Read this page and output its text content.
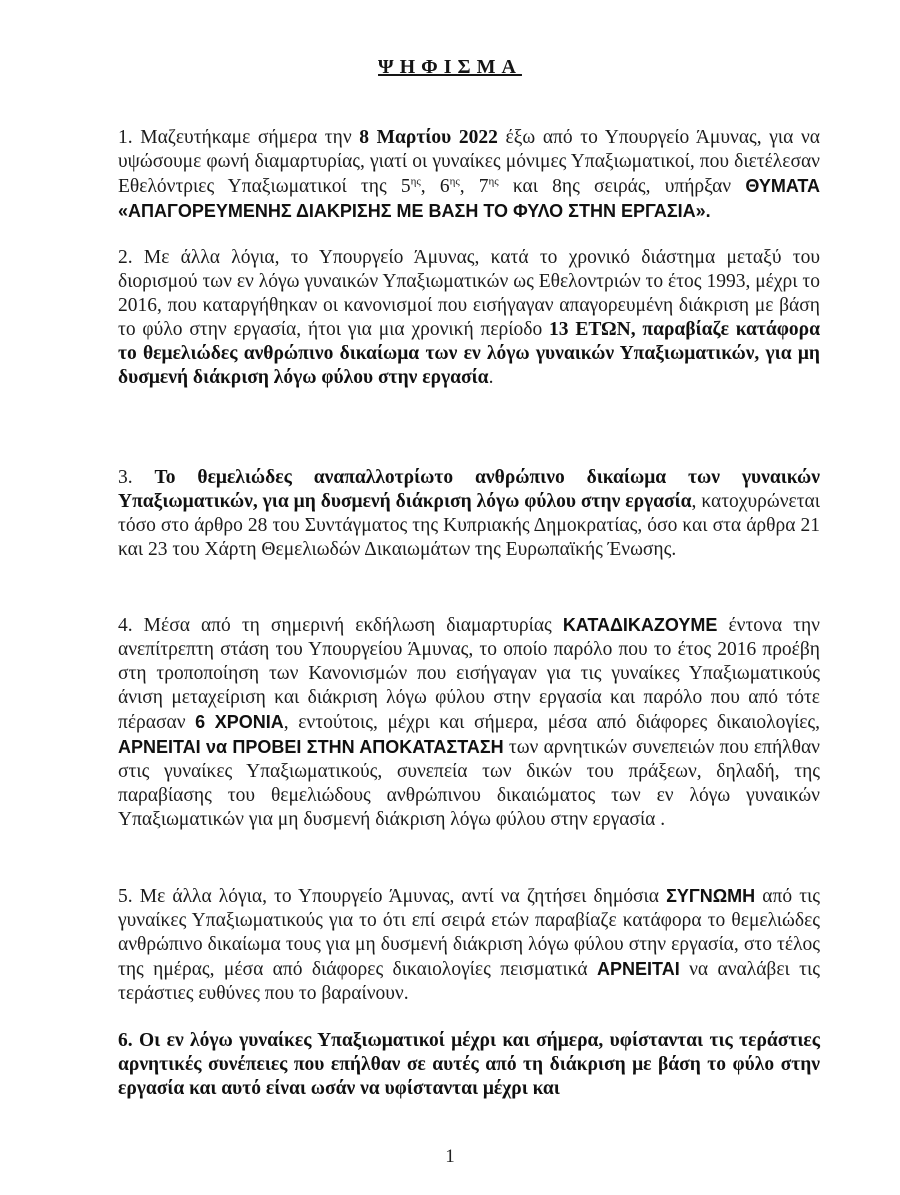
ΨΗΦΙΣΜΑ

1. Μαζευτήκαμε σήμερα την 8 Μαρτίου 2022 έξω από το Υπουργείο Άμυνας, για να υψώσουμε φωνή διαμαρτυρίας, γιατί οι γυναίκες μόνιμες Υπαξιωματικοί, που διετέλεσαν Εθελόντριες Υπαξιωματικοί της $5^{\eta\varsigma}$, $6^{\eta\varsigma}$, $7^{\eta\varsigma}$ και 8ης σειράς, υπήρξαν ΘΥΜΑΤΑ «ΑΠΑΓΟΡΕΥΜΕΝΗΣ ΔΙΑΚΡΙΣΗΣ ΜΕ ΒΑΣΗ ΤΟ ΦΥΛΟ ΣΤΗΝ ΕΡΓΑΣΙΑ».

2. Με άλλα λόγια, το Υπουργείο Άμυνας, κατά το χρονικό διάστημα μεταξύ του διορισμού των εν λόγω γυναικών Υπαξιωματικών ως Εθελοντριών το έτος 1993, μέχρι το 2016, που καταργήθηκαν οι κανονισμοί που εισήγαγαν απαγορευμένη διάκριση με βάση το φύλο στην εργασία, ήτοι για μια χρονική περίοδο 13 ΕΤΩΝ, παραβίαζε κατάφορα το θεμελιώδες ανθρώπινο δικαίωμα των εν λόγω γυναικών Υπαξιωματικών, για μη δυσμενή διάκριση λόγω φύλου στην εργασία.

3. Το θεμελιώδες αναπαλλοτρίωτο ανθρώπινο δικαίωμα των γυναικών Υπαξιωματικών, για μη δυσμενή διάκριση λόγω φύλου στην εργασία, κατοχυρώνεται τόσο στο άρθρο 28 του Συντάγματος της Κυπριακής Δημοκρατίας, όσο και στα άρθρα 21 και 23 του Χάρτη Θεμελιωδών Δικαιωμάτων της Ευρωπαϊκής Ένωσης.

4. Μέσα από τη σημερινή εκδήλωση διαμαρτυρίας ΚΑΤΑΔΙΚΑΖΟΥΜΕ έντονα την ανεπίτρεπτη στάση του Υπουργείου Άμυνας, το οποίο παρόλο που το έτος 2016 προέβη στη τροποποίηση των Κανονισμών που εισήγαγαν για τις γυναίκες Υπαξιωματικούς άνιση μεταχείριση και διάκριση λόγω φύλου στην εργασία και παρόλο που από τότε πέρασαν 6 ΧΡΟΝΙΑ, εντούτοις, μέχρι και σήμερα, μέσα από διάφορες δικαιολογίες, ΑΡΝΕΙΤΑΙ να ΠΡΟΒΕΙ ΣΤΗΝ ΑΠΟΚΑΤΑΣΤΑΣΗ των αρνητικών συνεπειών που επήλθαν στις γυναίκες Υπαξιωματικούς, συνεπεία των δικών του πράξεων, δηλαδή, της παραβίασης του θεμελιώδους ανθρώπινου δικαιώματος των εν λόγω γυναικών Υπαξιωματικών για μη δυσμενή διάκριση λόγω φύλου στην εργασία .

5. Με άλλα λόγια, το Υπουργείο Άμυνας, αντί να ζητήσει δημόσια ΣΥΓΝΩΜΗ από τις γυναίκες Υπαξιωματικούς για το ότι επί σειρά ετών παραβίαζε κατάφορα το θεμελιώδες ανθρώπινο δικαίωμα τους για μη δυσμενή διάκριση λόγω φύλου στην εργασία, στο τέλος της ημέρας, μέσα από διάφορες δικαιολογίες πεισματικά ΑΡΝΕΙΤΑΙ να αναλάβει τις τεράστιες ευθύνες που το βαραίνουν.

6. Οι εν λόγω γυναίκες Υπαξιωματικοί μέχρι και σήμερα, υφίστανται τις τεράστιες αρνητικές συνέπειες που επήλθαν σε αυτές από τη διάκριση με βάση το φύλο στην εργασία και αυτό είναι ωσάν να υφίστανται μέχρι και

1
